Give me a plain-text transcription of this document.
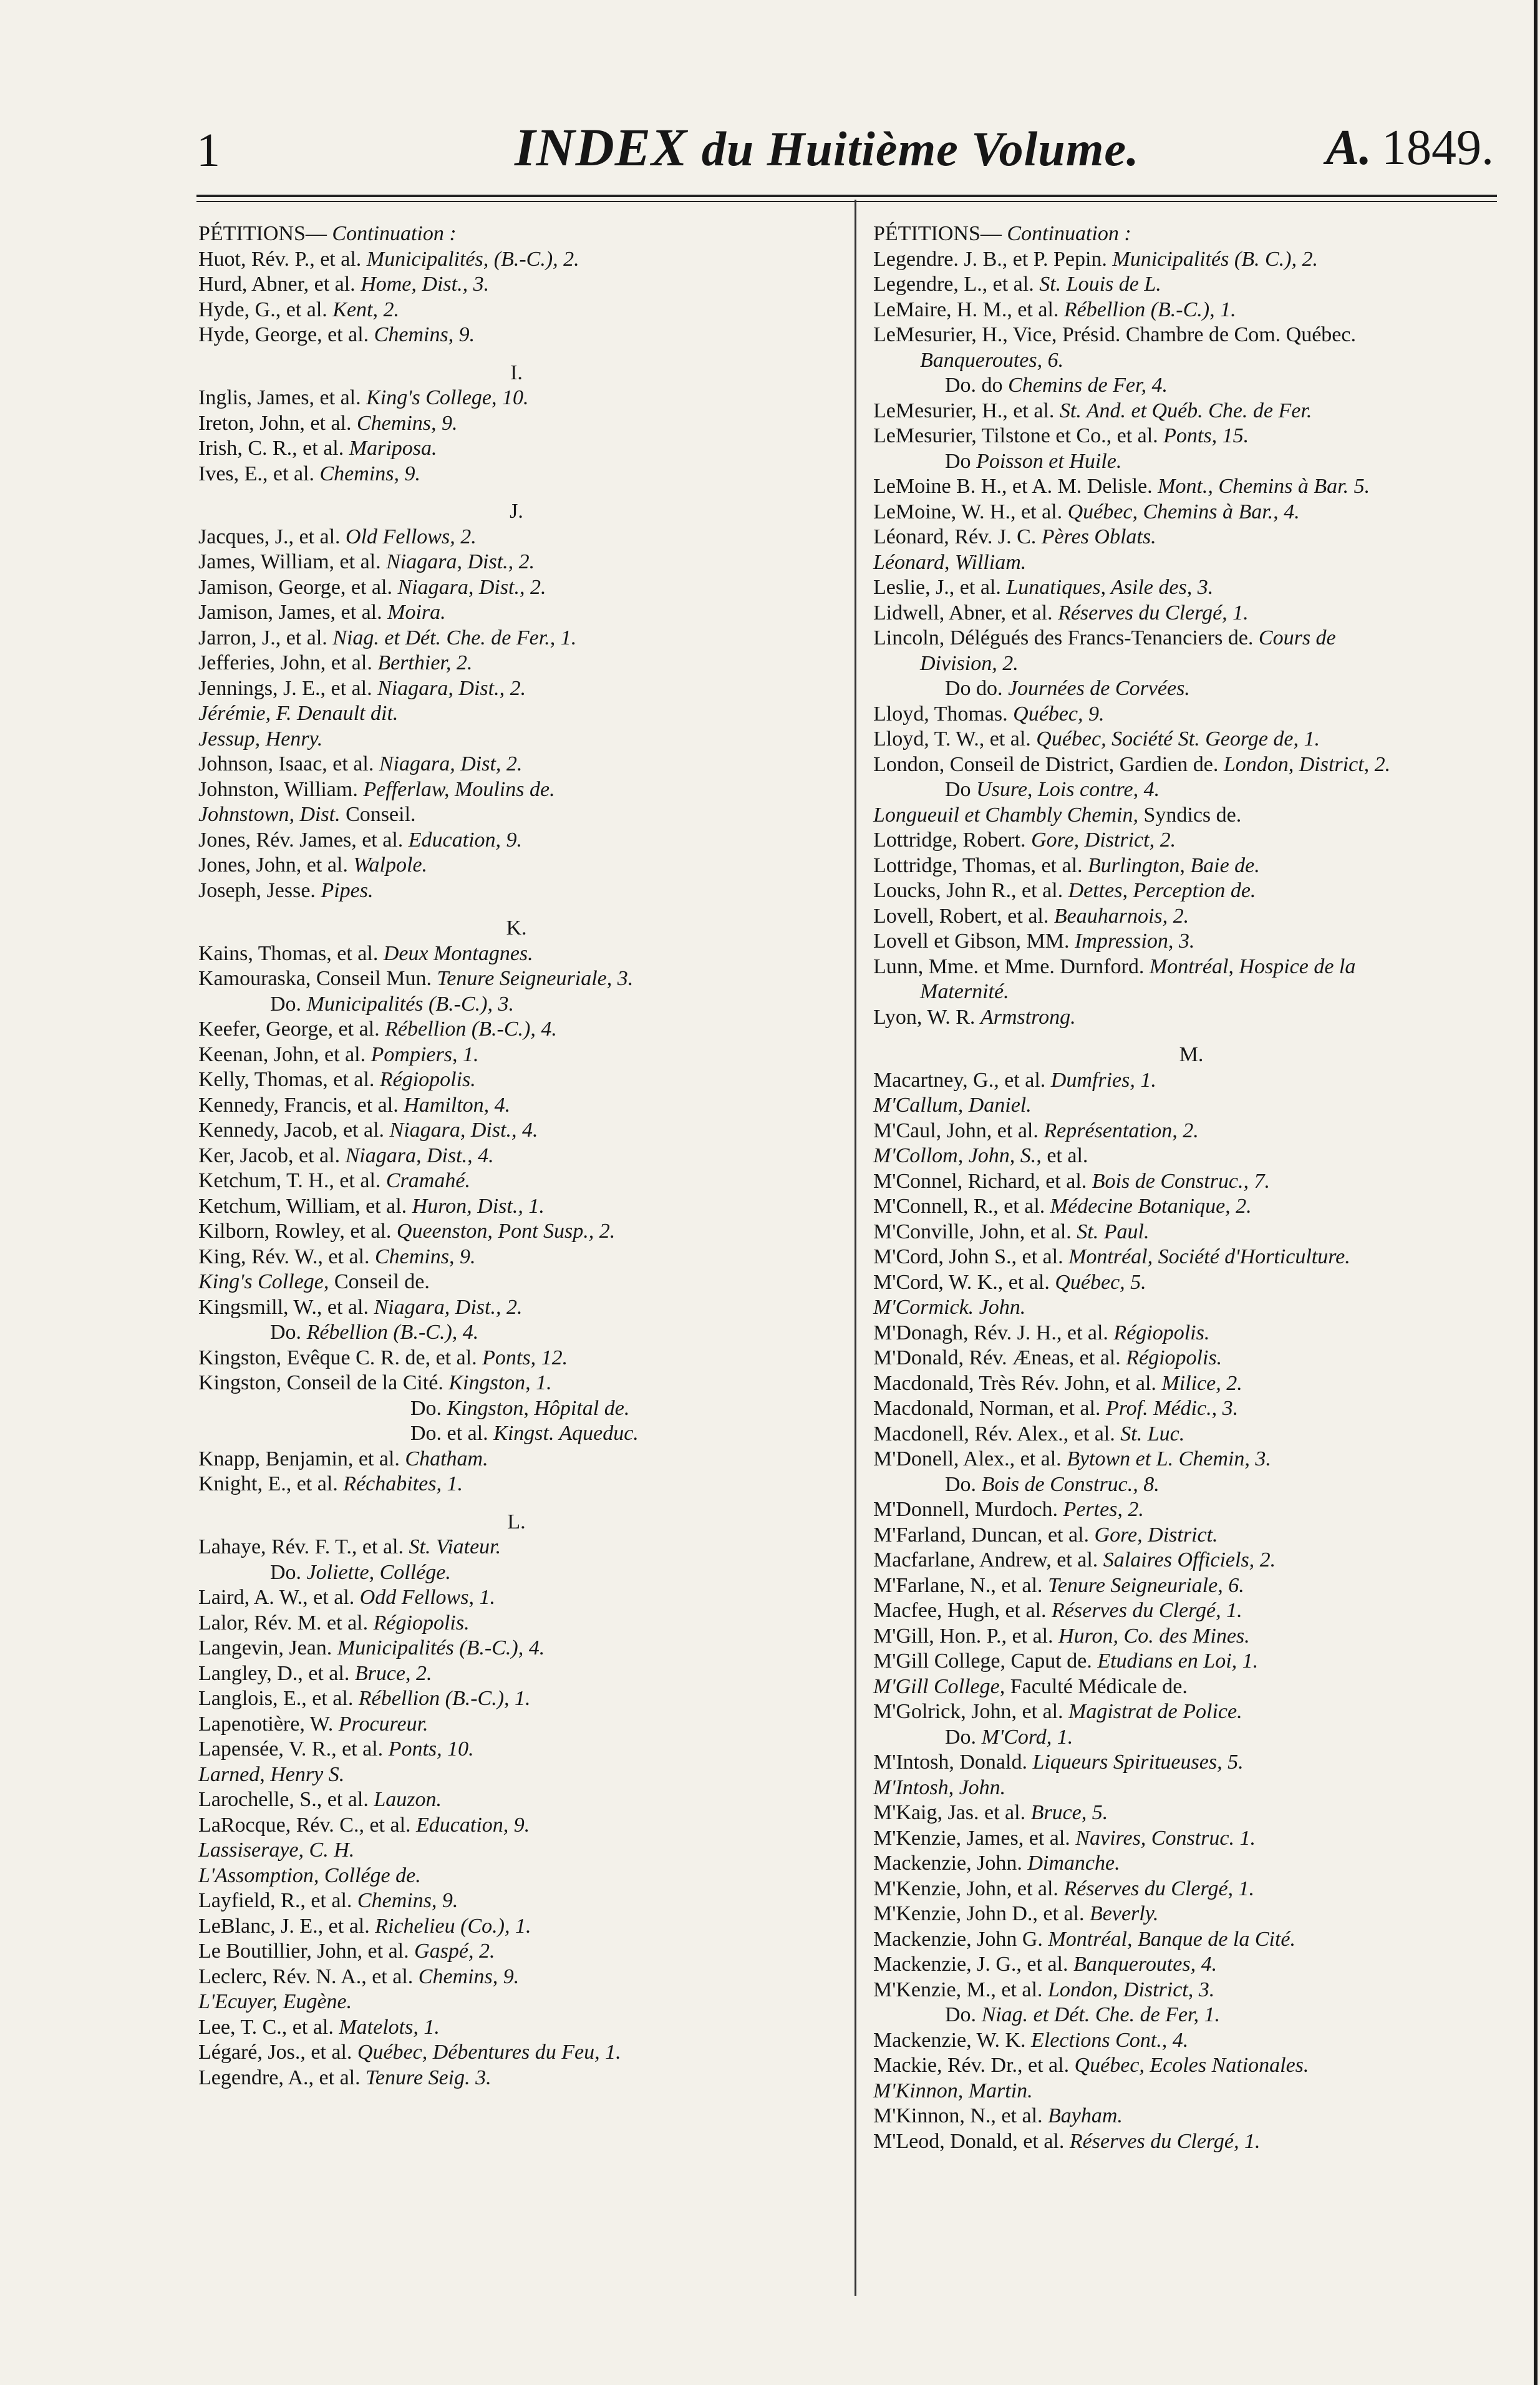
1	INDEX du Huitième Volume.	A. 1849.
PÉTITIONS— Continuation :
Huot, Rév. P., et al. Municipalités, (B.-C.), 2.
Hurd, Abner, et al. Home, Dist., 3.
Hyde, G., et al. Kent, 2.
Hyde, George, et al. Chemins, 9.
I.
Inglis, James, et al. King's College, 10.
Ireton, John, et al. Chemins, 9.
Irish, C. R., et al. Mariposa.
Ives, E., et al. Chemins, 9.
J.
Jacques, J., et al. Old Fellows, 2.
James, William, et al. Niagara, Dist., 2.
Jamison, George, et al. Niagara, Dist., 2.
Jamison, James, et al. Moira.
Jarron, J., et al. Niag. et Dét. Che. de Fer., 1.
Jefferies, John, et al. Berthier, 2.
Jennings, J. E., et al. Niagara, Dist., 2.
Jérémie, F. Denault dit.
Jessup, Henry.
Johnson, Isaac, et al. Niagara, Dist, 2.
Johnston, William. Pefferlaw, Moulins de.
Johnstown, Dist. Conseil.
Jones, Rév. James, et al. Education, 9.
Jones, John, et al. Walpole.
Joseph, Jesse. Pipes.
K.
Kains, Thomas, et al. Deux Montagnes.
Kamouraska, Conseil Mun. Tenure Seigneuriale, 3.
Do. Municipalités (B.-C.), 3.
Keefer, George, et al. Rébellion (B.-C.), 4.
Keenan, John, et al. Pompiers, 1.
Kelly, Thomas, et al. Régiopolis.
Kennedy, Francis, et al. Hamilton, 4.
Kennedy, Jacob, et al. Niagara, Dist., 4.
Ker, Jacob, et al. Niagara, Dist., 4.
Ketchum, T. H., et al. Cramahé.
Ketchum, William, et al. Huron, Dist., 1.
Kilborn, Rowley, et al. Queenston, Pont Susp., 2.
King, Rév. W., et al. Chemins, 9.
King's College, Conseil de.
Kingsmill, W., et al. Niagara, Dist., 2.
Do. Rébellion (B.-C.), 4.
Kingston, Evêque C. R. de, et al. Ponts, 12.
Kingston, Conseil de la Cité. Kingston, 1.
Do. Kingston, Hôpital de.
Do. et al. Kingst. Aqueduc.
Knapp, Benjamin, et al. Chatham.
Knight, E., et al. Réchabites, 1.
L.
Lahaye, Rév. F. T., et al. St. Viateur.
Do. Joliette, Collége.
Laird, A. W., et al. Odd Fellows, 1.
Lalor, Rév. M. et al. Régiopolis.
Langevin, Jean. Municipalités (B.-C.), 4.
Langley, D., et al. Bruce, 2.
Langlois, E., et al. Rébellion (B.-C.), 1.
Lapenotière, W. Procureur.
Lapensée, V. R., et al. Ponts, 10.
Larned, Henry S.
Larochelle, S., et al. Lauzon.
LaRocque, Rév. C., et al. Education, 9.
Lassiseraye, C. H.
L'Assomption, Collége de.
Layfield, R., et al. Chemins, 9.
LeBlanc, J. E., et al. Richelieu (Co.), 1.
Le Boutillier, John, et al. Gaspé, 2.
Leclerc, Rév. N. A., et al. Chemins, 9.
L'Ecuyer, Eugène.
Lee, T. C., et al. Matelots, 1.
Légaré, Jos., et al. Québec, Débentures du Feu, 1.
Legendre, A., et al. Tenure Seig. 3.
PÉTITIONS— Continuation :
Legendre. J. B., et P. Pepin. Municipalités (B. C.), 2.
Legendre, L., et al. St. Louis de L.
LeMaire, H. M., et al. Rébellion (B.-C.), 1.
LeMesurier, H., Vice, Présid. Chambre de Com. Québec.
Banqueroutes, 6.
Do. do Chemins de Fer, 4.
LeMesurier, H., et al. St. And. et Québ. Che. de Fer.
LeMesurier, Tilstone et Co., et al. Ponts, 15.
Do Poisson et Huile.
LeMoine B. H., et A. M. Delisle. Mont., Chemins à Bar. 5.
LeMoine, W. H., et al. Québec, Chemins à Bar., 4.
Léonard, Rév. J. C. Pères Oblats.
Léonard, William.
Leslie, J., et al. Lunatiques, Asile des, 3.
Lidwell, Abner, et al. Réserves du Clergé, 1.
Lincoln, Délégués des Francs-Tenanciers de. Cours de
Division, 2.
Do do. Journées de Corvées.
Lloyd, Thomas. Québec, 9.
Lloyd, T. W., et al. Québec, Société St. George de, 1.
London, Conseil de District, Gardien de. London, District, 2.
Do Usure, Lois contre, 4.
Longueuil et Chambly Chemin, Syndics de.
Lottridge, Robert. Gore, District, 2.
Lottridge, Thomas, et al. Burlington, Baie de.
Loucks, John R., et al. Dettes, Perception de.
Lovell, Robert, et al. Beauharnois, 2.
Lovell et Gibson, MM. Impression, 3.
Lunn, Mme. et Mme. Durnford. Montréal, Hospice de la
Maternité.
Lyon, W. R. Armstrong.
M.
Macartney, G., et al. Dumfries, 1.
M'Callum, Daniel.
M'Caul, John, et al. Représentation, 2.
M'Collom, John, S., et al.
M'Connel, Richard, et al. Bois de Construc., 7.
M'Connell, R., et al. Médecine Botanique, 2.
M'Conville, John, et al. St. Paul.
M'Cord, John S., et al. Montréal, Société d'Horticulture.
M'Cord, W. K., et al. Québec, 5.
M'Cormick. John.
M'Donagh, Rév. J. H., et al. Régiopolis.
M'Donald, Rév. Æneas, et al. Régiopolis.
Macdonald, Très Rév. John, et al. Milice, 2.
Macdonald, Norman, et al. Prof. Médic., 3.
Macdonell, Rév. Alex., et al. St. Luc.
M'Donell, Alex., et al. Bytown et L. Chemin, 3.
Do. Bois de Construc., 8.
M'Donnell, Murdoch. Pertes, 2.
M'Farland, Duncan, et al. Gore, District.
Macfarlane, Andrew, et al. Salaires Officiels, 2.
M'Farlane, N., et al. Tenure Seigneuriale, 6.
Macfee, Hugh, et al. Réserves du Clergé, 1.
M'Gill, Hon. P., et al. Huron, Co. des Mines.
M'Gill College, Caput de. Etudians en Loi, 1.
M'Gill College, Faculté Médicale de.
M'Golrick, John, et al. Magistrat de Police.
Do. M'Cord, 1.
M'Intosh, Donald. Liqueurs Spiritueuses, 5.
M'Intosh, John.
M'Kaig, Jas. et al. Bruce, 5.
M'Kenzie, James, et al. Navires, Construc. 1.
Mackenzie, John. Dimanche.
M'Kenzie, John, et al. Réserves du Clergé, 1.
M'Kenzie, John D., et al. Beverly.
Mackenzie, John G. Montréal, Banque de la Cité.
Mackenzie, J. G., et al. Banqueroutes, 4.
M'Kenzie, M., et al. London, District, 3.
Do. Niag. et Dét. Che. de Fer, 1.
Mackenzie, W. K. Elections Cont., 4.
Mackie, Rév. Dr., et al. Québec, Ecoles Nationales.
M'Kinnon, Martin.
M'Kinnon, N., et al. Bayham.
M'Leod, Donald, et al. Réserves du Clergé, 1.
